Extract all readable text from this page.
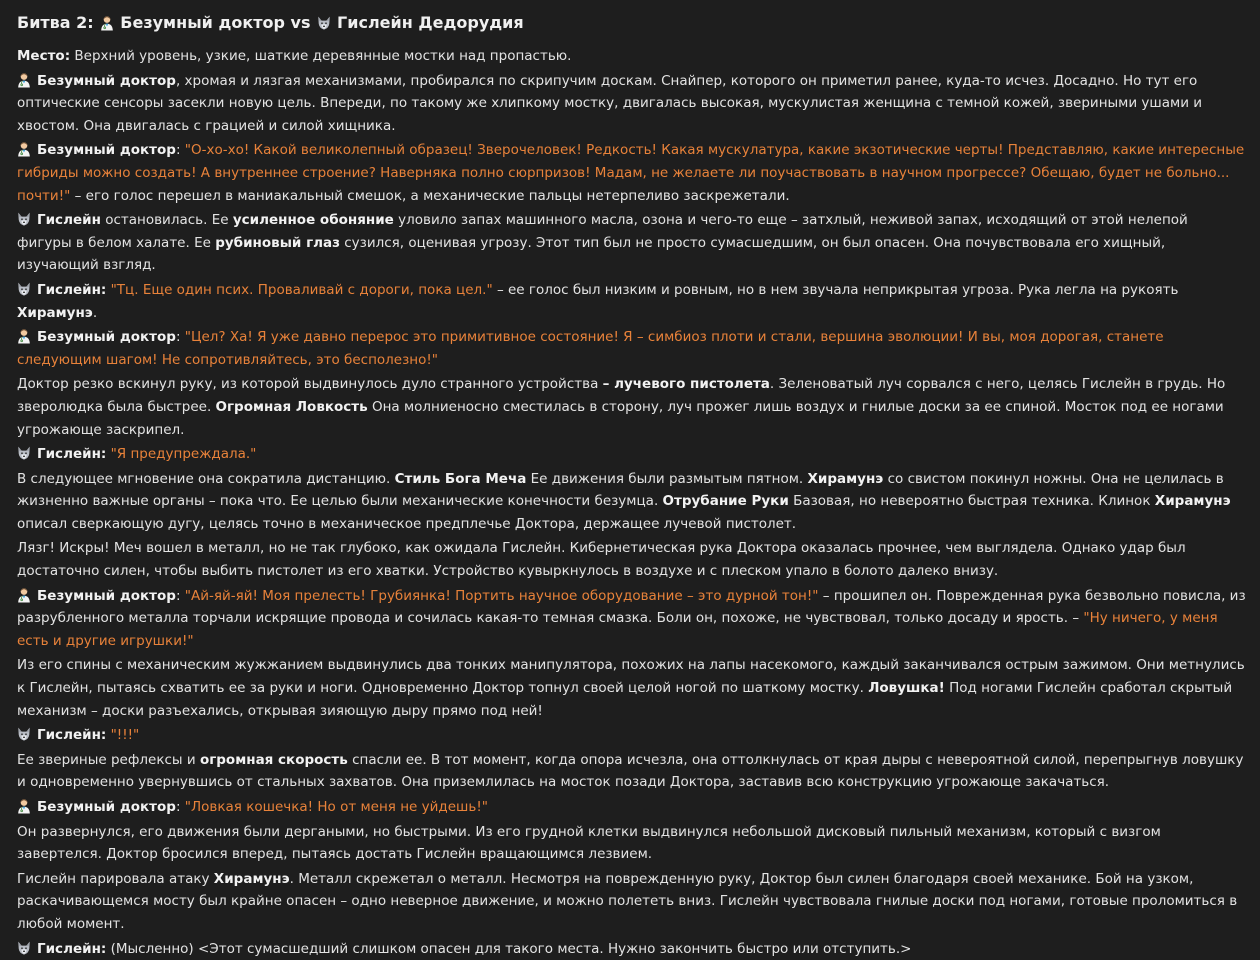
Битва 2: Безумный доктор vs Гислейн Дедорудия
Место: Верхний уровень, узкие, шаткие деревянные мостки над пропастью.
Безумный доктор, хромая и лязгая механизмами, пробирался по скрипучим доскам. Снайпер, которого он приметил ранее, куда-то исчез. Досадно. Но тут его оптические сенсоры засекли новую цель. Впереди, по такому же хлипкому мостку, двигалась высокая, мускулистая женщина с темной кожей, звериными ушами и хвостом. Она двигалась с грацией и силой хищника.
Безумный доктор: "О-хо-хо! Какой великолепный образец! Зверочеловек! Редкость! Какая мускулатура, какие экзотические черты! Представляю, какие интересные гибриды можно создать! А внутреннее строение? Наверняка полно сюрпризов! Мадам, не желаете ли поучаствовать в научном прогрессе? Обещаю, будет не больно... почти!" – его голос перешел в маниакальный смешок, а механические пальцы нетерпеливо заскрежетали.
Гислейн остановилась. Ее усиленное обоняние уловило запах машинного масла, озона и чего-то еще – затхлый, неживой запах, исходящий от этой нелепой фигуры в белом халате. Ее рубиновый глаз сузился, оценивая угрозу. Этот тип был не просто сумасшедшим, он был опасен. Она почувствовала его хищный, изучающий взгляд.
Гислейн: "Тц. Еще один псих. Проваливай с дороги, пока цел." – ее голос был низким и ровным, но в нем звучала неприкрытая угроза. Рука легла на рукоять Хирамунэ.
Безумный доктор: "Цел? Ха! Я уже давно перерос это примитивное состояние! Я – симбиоз плоти и стали, вершина эволюции! И вы, моя дорогая, станете следующим шагом! Не сопротивляйтесь, это бесполезно!"
Доктор резко вскинул руку, из которой выдвинулось дуло странного устройства – лучевого пистолета. Зеленоватый луч сорвался с него, целясь Гислейн в грудь. Но зверолюдка была быстрее. Огромная Ловкость Она молниеносно сместилась в сторону, луч прожег лишь воздух и гнилые доски за ее спиной. Мосток под ее ногами угрожающе заскрипел.
Гислейн: "Я предупреждала."
В следующее мгновение она сократила дистанцию. Стиль Бога Меча Ее движения были размытым пятном. Хирамунэ со свистом покинул ножны. Она не целилась в жизненно важные органы – пока что. Ее целью были механические конечности безумца. Отрубание Руки Базовая, но невероятно быстрая техника. Клинок Хирамунэ описал сверкающую дугу, целясь точно в механическое предплечье Доктора, держащее лучевой пистолет.
Лязг! Искры! Меч вошел в металл, но не так глубоко, как ожидала Гислейн. Кибернетическая рука Доктора оказалась прочнее, чем выглядела. Однако удар был достаточно силен, чтобы выбить пистолет из его хватки. Устройство кувыркнулось в воздухе и с плеском упало в болото далеко внизу.
Безумный доктор: "Ай-яй-яй! Моя прелесть! Грубиянка! Портить научное оборудование – это дурной тон!" – прошипел он. Поврежденная рука безвольно повисла, из разрубленного металла торчали искрящие провода и сочилась какая-то темная смазка. Боли он, похоже, не чувствовал, только досаду и ярость. – "Ну ничего, у меня есть и другие игрушки!"
Из его спины с механическим жужжанием выдвинулись два тонких манипулятора, похожих на лапы насекомого, каждый заканчивался острым зажимом. Они метнулись к Гислейн, пытаясь схватить ее за руки и ноги. Одновременно Доктор топнул своей целой ногой по шаткому мостку. Ловушка! Под ногами Гислейн сработал скрытый механизм – доски разъехались, открывая зияющую дыру прямо под ней!
Гислейн: "!!!"
Ее звериные рефлексы и огромная скорость спасли ее. В тот момент, когда опора исчезла, она оттолкнулась от края дыры с невероятной силой, перепрыгнув ловушку и одновременно увернувшись от стальных захватов. Она приземлилась на мосток позади Доктора, заставив всю конструкцию угрожающе закачаться.
Безумный доктор: "Ловкая кошечка! Но от меня не уйдешь!"
Он развернулся, его движения были дергаными, но быстрыми. Из его грудной клетки выдвинулся небольшой дисковый пильный механизм, который с визгом завертелся. Доктор бросился вперед, пытаясь достать Гислейн вращающимся лезвием.
Гислейн парировала атаку Хирамунэ. Металл скрежетал о металл. Несмотря на поврежденную руку, Доктор был силен благодаря своей механике. Бой на узком, раскачивающемся мосту был крайне опасен – одно неверное движение, и можно полететь вниз. Гислейн чувствовала гнилые доски под ногами, готовые проломиться в любой момент.
Гислейн: (Мысленно) <Этот сумасшедший слишком опасен для такого места. Нужно закончить быстро или отступить.>
